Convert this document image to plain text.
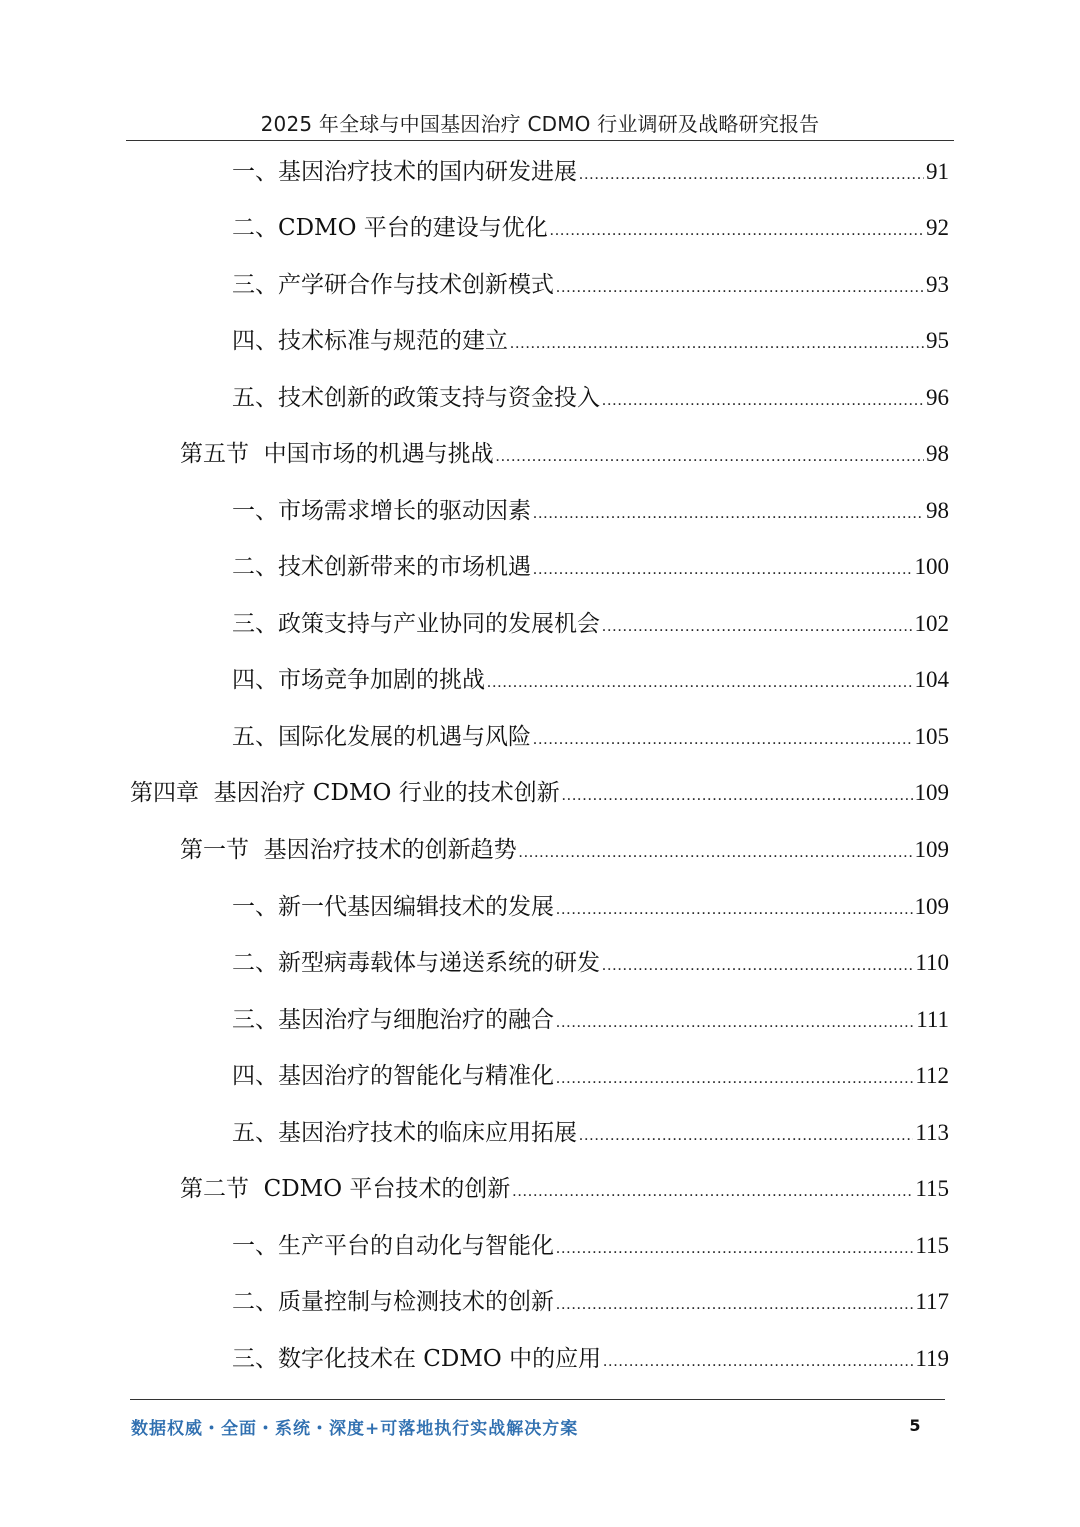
2025 年全球与中国基因治疗 CDMO 行业调研及战略研究报告
一、基因治疗技术的国内研发进展 .....	91
二、CDMO 平台的建设与优化 .....	92
三、产学研合作与技术创新模式 .....	93
四、技术标准与规范的建立 .....	95
五、技术创新的政策支持与资金投入 .....	96
第五节  中国市场的机遇与挑战 .....	98
一、市场需求增长的驱动因素 .....	98
二、技术创新带来的市场机遇 .....	100
三、政策支持与产业协同的发展机会 .....	102
四、市场竞争加剧的挑战 .....	104
五、国际化发展的机遇与风险 .....	105
第四章  基因治疗 CDMO 行业的技术创新 .....	109
第一节  基因治疗技术的创新趋势 .....	109
一、新一代基因编辑技术的发展 .....	109
二、新型病毒载体与递送系统的研发 .....	110
三、基因治疗与细胞治疗的融合 .....	111
四、基因治疗的智能化与精准化 .....	112
五、基因治疗技术的临床应用拓展 .....	113
第二节  CDMO 平台技术的创新 .....	115
一、生产平台的自动化与智能化 .....	115
二、质量控制与检测技术的创新 .....	117
三、数字化技术在 CDMO 中的应用 .....	119
数据权威・全面・系统・深度+可落地执行实战解决方案	5
